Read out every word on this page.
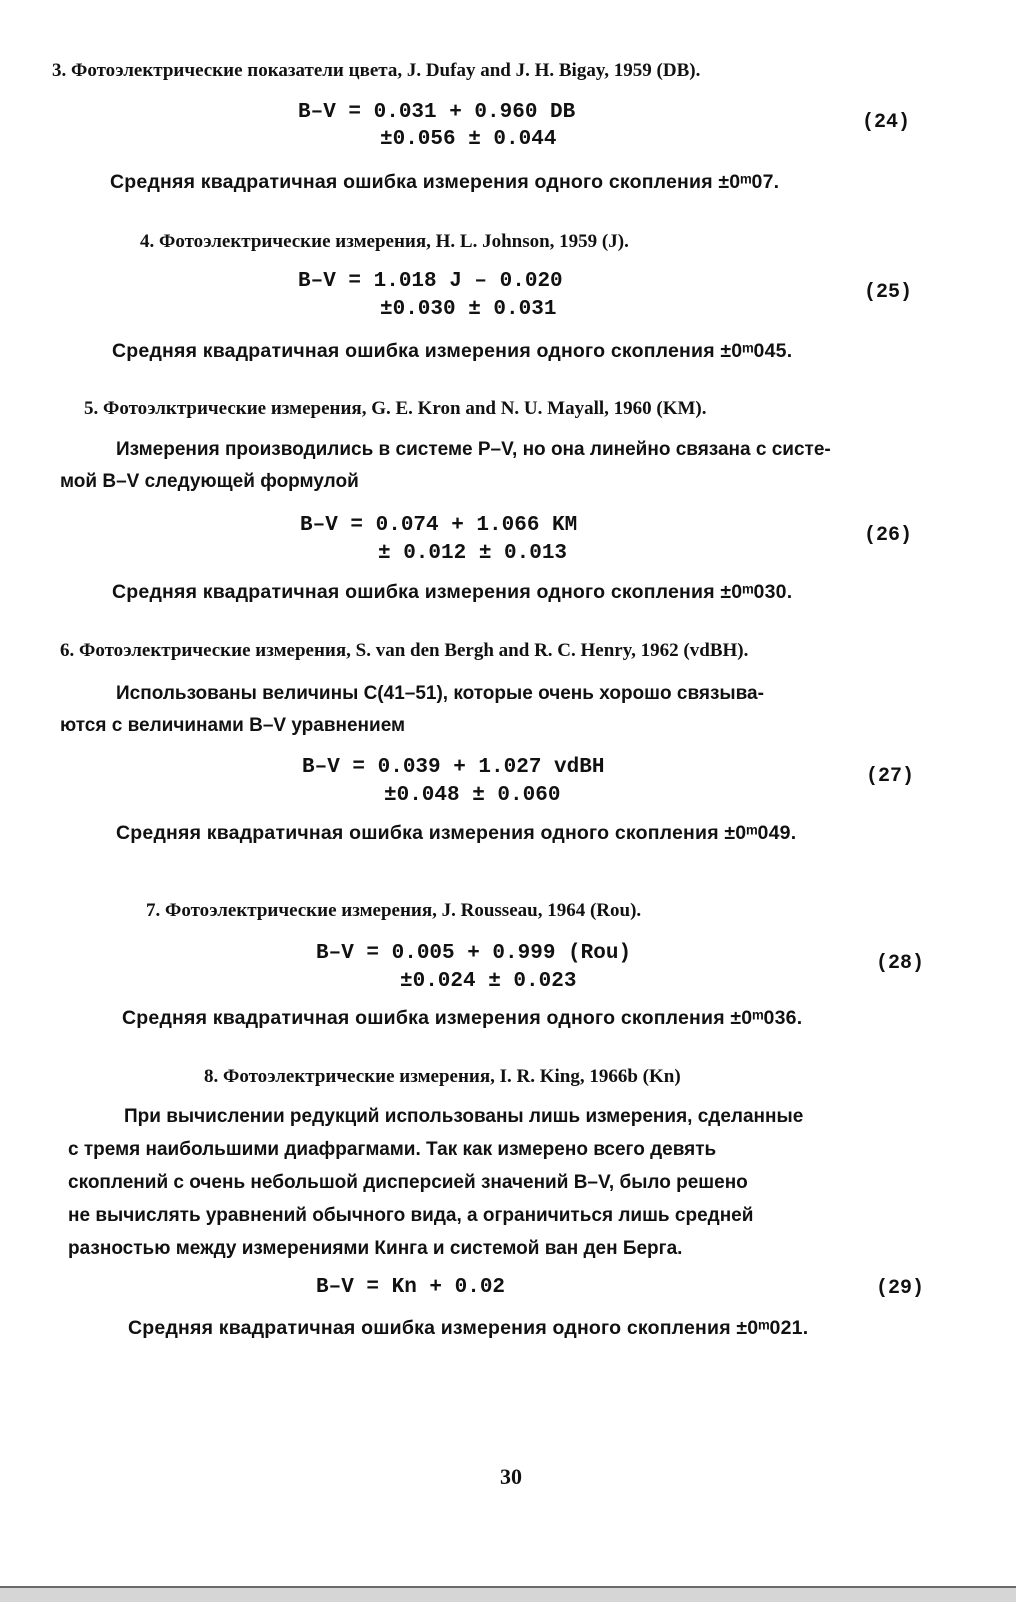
3. Фотоэлектрические показатели цвета, J. Dufay and J. H. Bigay, 1959 (DB).
B–V = 0.031 + 0.960 DB
±0.056 ± 0.044
(24)
Средняя квадратичная ошибка измерения одного скопления ±0ᵐ07.
4. Фотоэлектрические измерения, H. L. Johnson, 1959 (J).
B–V = 1.018 J – 0.020
±0.030 ± 0.031
(25)
Средняя квадратичная ошибка измерения одного скопления ±0ᵐ045.
5. Фотоэлктрические измерения, G. E. Kron and N. U. Mayall, 1960 (KM).
Измерения производились в системе P–V, но она линейно связана с систе-
мой B–V следующей формулой
B–V = 0.074 + 1.066 KM
± 0.012 ± 0.013
(26)
Средняя квадратичная ошибка измерения одного скопления ±0ᵐ030.
6. Фотоэлектрические измерения, S. van den Bergh and R. C. Henry, 1962 (vdBH).
Использованы величины C(41–51), которые очень хорошо связыва-
ются с величинами B–V уравнением
B–V = 0.039 + 1.027 vdBH
±0.048 ± 0.060
(27)
Средняя квадратичная ошибка измерения одного скопления ±0ᵐ049.
7. Фотоэлектрические измерения, J. Rousseau, 1964 (Rou).
B–V = 0.005 + 0.999 (Rou)
±0.024 ± 0.023
(28)
Средняя квадратичная ошибка измерения одного скопления ±0ᵐ036.
8. Фотоэлектрические измерения, I. R. King, 1966b (Kn)
При вычислении редукций использованы лишь измерения, сделанные
с тремя наибольшими диафрагмами. Так как измерено всего девять
скоплений с очень небольшой дисперсией значений B–V, было решено
не вычислять уравнений обычного вида, а ограничиться лишь средней
разностью между измерениями Кинга и системой ван ден Берга.
B–V = Kn + 0.02	(29)
Средняя квадратичная ошибка измерения одного скопления ±0ᵐ021.
30
